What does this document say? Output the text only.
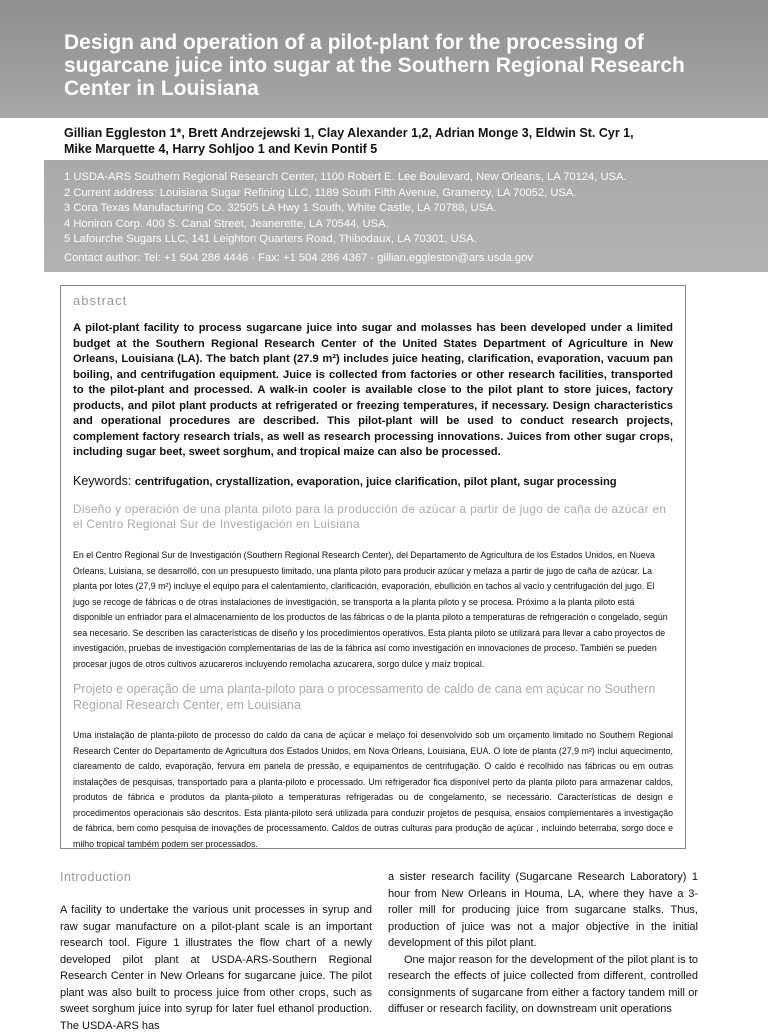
Design and operation of a pilot-plant for the processing of sugarcane juice into sugar at the Southern Regional Research Center in Louisiana
Gillian Eggleston 1*, Brett Andrzejewski 1, Clay Alexander 1,2, Adrian Monge 3, Eldwin St. Cyr 1,
Mike Marquette 4, Harry Sohljoo 1 and Kevin Pontif 5
1 USDA-ARS Southern Regional Research Center, 1100 Robert E. Lee Boulevard, New Orleans, LA 70124, USA.
2 Current address: Louisiana Sugar Refining LLC, 1189 South Fifth Avenue, Gramercy, LA 70052, USA.
3 Cora Texas Manufacturing Co. 32505 LA Hwy 1 South, White Castle, LA 70788, USA.
4 Honiron Corp. 400 S. Canal Street, Jeanerette, LA 70544, USA.
5 Lafourche Sugars LLC, 141 Leighton Quarters Road, Thibodaux, LA 70301, USA.
Contact author: Tel: +1 504 286 4446 · Fax: +1 504 286 4367 · gillian.eggleston@ars.usda.gov
abstract

A pilot-plant facility to process sugarcane juice into sugar and molasses has been developed under a limited budget at the Southern Regional Research Center of the United States Department of Agriculture in New Orleans, Louisiana (LA). The batch plant (27.9 m²) includes juice heating, clarification, evaporation, vacuum pan boiling, and centrifugation equipment. Juice is collected from factories or other research facilities, transported to the pilot-plant and processed. A walk-in cooler is available close to the pilot plant to store juices, factory products, and pilot plant products at refrigerated or freezing temperatures, if necessary. Design characteristics and operational procedures are described. This pilot-plant will be used to conduct research projects, complement factory research trials, as well as research processing innovations. Juices from other sugar crops, including sugar beet, sweet sorghum, and tropical maize can also be processed.

Keywords: centrifugation, crystallization, evaporation, juice clarification, pilot plant, sugar processing

Diseño y operación de una planta piloto para la producción de azúcar a partir de jugo de caña de azúcar en el Centro Regional Sur de Investigación en Luisiana

En el Centro Regional Sur de Investigación (Southern Regional Research Center), del Departamento de Agricultura de los Estados Unidos, en Nueva Orleans, Luisiana, se desarrolló, con un presupuesto limitado, una planta piloto para producir azúcar y melaza a partir de jugo de caña de azúcar. La planta por lotes (27,9 m²) incluye el equipo para el calentamiento, clarificación, evaporación, ebullición en tachos al vacío y centrifugación del jugo. El jugo se recoge de fábricas o de otras instalaciones de investigación, se transporta a la planta piloto y se procesa. Próximo a la planta piloto está disponible un enfriador para el almacenamiento de los productos de las fábricas o de la planta piloto a temperaturas de refrigeración o congelado, según sea necesario. Se describen las características de diseño y los procedimientos operativos. Esta planta piloto se utilizará para llevar a cabo proyectos de investigación, pruebas de investigación complementarias de las de la fábrica así como investigación en innovaciones de proceso. También se pueden procesar jugos de otros cultivos azucareros incluyendo remolacha azucarera, sorgo dulce y maíz tropical.

Projeto e operação de uma planta-piloto para o processamento de caldo de cana em açúcar no Southern Regional Research Center, em Louisiana

Uma instalação de planta-piloto de processo do caldo da cana de açúcar e melaço foi desenvolvido sob um orçamento limitado no Southern Regional Research Center do Departamento de Agricultura dos Estados Unidos, em Nova Orleans, Louisiana, EUA. O lote de planta (27,9 m²) inclui aquecimento, clareamento de caldo, evaporação, fervura em panela de pressão, e equipamentos de centrifugação. O caldo é recolhido nas fábricas ou em outras instalações de pesquisas, transportado para a planta-piloto e processado. Um refrigerador fica disponível perto da planta piloto para armazenar caldos, produtos de fábrica e produtos da planta-piloto a temperaturas refrigeradas ou de congelamento, se necessário. Características de design e procedimentos operacionais são descritos. Esta planta-piloto será utilizada para conduzir projetos de pesquisa, ensaios complementares a investigação de fábrica, bem como pesquisa de inovações de processamento. Caldos de outras culturas para produção de açúcar , incluindo beterraba, sorgo doce e milho tropical também podem ser processados.

Introduction

A facility to undertake the various unit processes in syrup and raw sugar manufacture on a pilot-plant scale is an important research tool. Figure 1 illustrates the flow chart of a newly developed pilot plant at USDA-ARS-Southern Regional Research Center in New Orleans for sugarcane juice. The pilot plant was also built to process juice from other crops, such as sweet sorghum juice into syrup for later fuel ethanol production. The USDA-ARS has

a sister research facility (Sugarcane Research Laboratory) 1 hour from New Orleans in Houma, LA, where they have a 3-roller mill for producing juice from sugarcane stalks. Thus, production of juice was not a major objective in the initial development of this pilot plant.

One major reason for the development of the pilot plant is to research the effects of juice collected from different, controlled consignments of sugarcane from either a factory tandem mill or diffuser or research facility, on downstream unit operations
